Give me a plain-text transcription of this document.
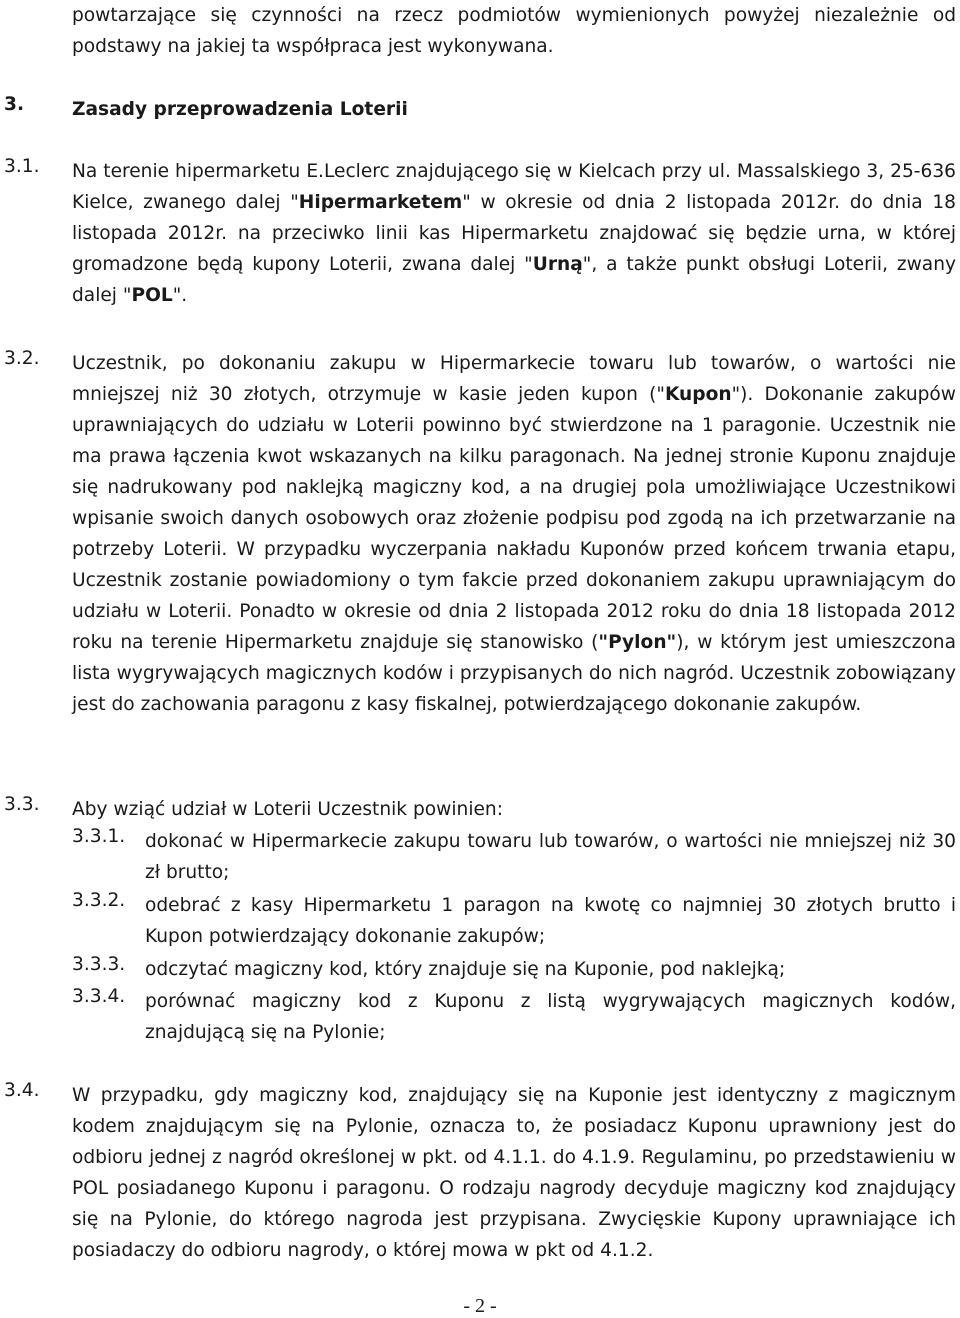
powtarzające się czynności na rzecz podmiotów wymienionych powyżej niezależnie od podstawy na jakiej ta współpraca jest wykonywana.
3.	Zasady przeprowadzenia Loterii
3.1. Na terenie hipermarketu E.Leclerc znajdującego się w Kielcach przy ul. Massalskiego 3, 25-636 Kielce, zwanego dalej "Hipermarketem" w okresie od dnia 2 listopada 2012r. do dnia 18 listopada 2012r. na przeciwko linii kas Hipermarketu znajdować się będzie urna, w której gromadzone będą kupony Loterii, zwana dalej "Urną", a także punkt obsługi Loterii, zwany dalej "POL".
3.2. Uczestnik, po dokonaniu zakupu w Hipermarkecie towaru lub towarów, o wartości nie mniejszej niż 30 złotych, otrzymuje w kasie jeden kupon ("Kupon"). Dokonanie zakupów uprawniających do udziału w Loterii powinno być stwierdzone na 1 paragonie. Uczestnik nie ma prawa łączenia kwot wskazanych na kilku paragonach. Na jednej stronie Kuponu znajduje się nadrukowany pod naklejką magiczny kod, a na drugiej pola umożliwiające Uczestnikowi wpisanie swoich danych osobowych oraz złożenie podpisu pod zgodą na ich przetwarzanie na potrzeby Loterii. W przypadku wyczerpania nakładu Kuponów przed końcem trwania etapu, Uczestnik zostanie powiadomiony o tym fakcie przed dokonaniem zakupu uprawniającym do udziału w Loterii. Ponadto w okresie od dnia 2 listopada 2012 roku do dnia 18 listopada 2012 roku na terenie Hipermarketu znajduje się stanowisko ("Pylon"), w którym jest umieszczona lista wygrywających magicznych kodów i przypisanych do nich nagród. Uczestnik zobowiązany jest do zachowania paragonu z kasy fiskalnej, potwierdzającego dokonanie zakupów.
3.3. Aby wziąć udział w Loterii Uczestnik powinien:
3.3.1. dokonać w Hipermarkecie zakupu towaru lub towarów, o wartości nie mniejszej niż 30 zł brutto;
3.3.2. odebrać z kasy Hipermarketu 1 paragon na kwotę co najmniej 30 złotych brutto i Kupon potwierdzający dokonanie zakupów;
3.3.3. odczytać magiczny kod, który znajduje się na Kuponie, pod naklejką;
3.3.4. porównać magiczny kod z Kuponu z listą wygrywających magicznych kodów, znajdującą się na Pylonie;
3.4. W przypadku, gdy magiczny kod, znajdujący się na Kuponie jest identyczny z magicznym kodem znajdującym się na Pylonie, oznacza to, że posiadacz Kuponu uprawniony jest do odbioru jednej z nagród określonej w pkt. od 4.1.1. do 4.1.9. Regulaminu, po przedstawieniu w POL posiadanego Kuponu i paragonu. O rodzaju nagrody decyduje magiczny kod znajdujący się na Pylonie, do którego nagroda jest przypisana. Zwycięskie Kupony uprawniające ich posiadaczy do odbioru nagrody, o której mowa w pkt od 4.1.2.
- 2 -
